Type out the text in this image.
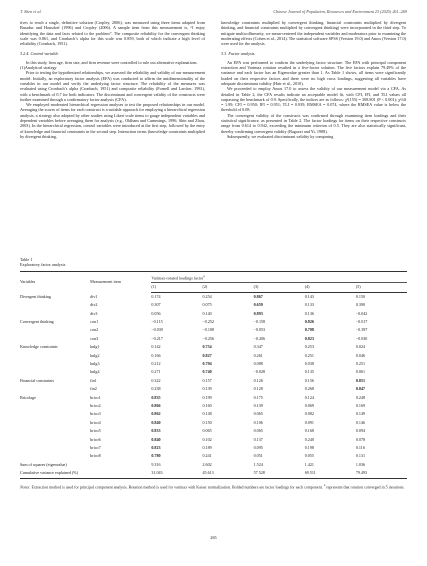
T. Shen et al.	Chinese Journal of Population, Resources and Environment 23 (2025) 261–269

tives to reach a single, definitive solution (Cropley, 2006), was measured using three items adapted from Basadur and Hausdorf (1996) and Cropley (2006). A sample item from this measurement is, “I enjoy identifying the data and facts related to the problem”. The composite reliability for the convergent thinking scale was 0.861, and Cronbach’s alpha for this scale was 0.859, both of which indicate a high level of reliability (Cronbach, 1951).

3.2.4. Control variable

In this study, firm age, firm size, and firm revenue were controlled to rule out alternative explanations.

(1)Analytical strategy

Prior to testing the hypothesized relationships, we assessed the reliability and validity of our measurement model. Initially, an exploratory factor analysis (EFA) was conducted to affirm the unidimensionality of the variables in our model and verify the underlying factor structure. The reliability of the measures was evaluated using Cronbach’s alpha (Cronbach, 1951) and composite reliability (Fornell and Larcker, 1981), with a benchmark of 0.7 for both indicators. The discriminant and convergent validity of the constructs were further examined through a confirmatory factor analysis (CFA).

We employed moderated hierarchical regression analyses to test the proposed relationships in our model. Averaging the scores of items for each construct is a suitable approach for employing a hierarchical regression analysis, a strategy also adopted by other studies using Likert scale items to gauge independent variables and dependent variables before averaging them for analysis (e.g., Oldham and Cummings, 1996; Shin and Zhou, 2003). In the hierarchical regression, control variables were introduced at the first step, followed by the entry of knowledge and financial constraints in the second step. Interaction terms (knowledge constraints multiplied by divergent thinking,

knowledge constraints multiplied by convergent thinking, financial constraints multiplied by divergent thinking, and financial constraints multiplied by convergent thinking) were incorporated in the third step. To mitigate multicollinearity, we mean-centered the independent variables and moderators prior to examining the moderating effects (Cohen et al., 2014). The statistical software SPSS (Version 19.0) and Amos (Version 17.0) were used for the analysis.

3.3. Factor analysis

An EFA was performed to confirm the underlying factor structure. The EFA with principal component extraction and Varimax rotation resulted in a five-factor solution. The five factors explain 79.49% of the variance and each factor has an Eigenvalue greater than 1. As Table 1 shows, all items were significantly loaded on their respective factors and there were no high cross loadings, suggesting all variables have adequate discriminant validity (Hair et al., 2010).

We proceeded to employ Amos 17.0 to assess the validity of our measurement model via a CFA. As detailed in Table 2, the CFA results indicate an acceptable model fit, with CFI, IFI, and TLI values all surpassing the benchmark of 0.9. Specifically, the indices are as follows: χ²(155) = 308.801 (P < 0.001); χ²/df = 1.99; CFI = 0.950; IFI = 0.951; TLI = 0.939; RMSEA = 0.074, where the RMSEA value is below the threshold of 0.08.

The convergent validity of the constructs was confirmed through examining item loadings and their statistical significance, as presented in Table 2. The factor loadings for items on their respective constructs range from 0.614 to 0.942, exceeding the minimum criterion of 0.5. They are also statistically significant, thereby confirming convergent validity (Bagozzi and Yi, 1988).

Subsequently, we evaluated discriminant validity by comparing

Table 1
Exploratory factor analysis
Variables	Measurement item	Varimax-rotated loadings factor$^a$
		(1)	(2)	(3)	(4)	(5)
Divergent thinking	div1	0.174	0.254	0.867	0.143	0.150
	div2	0.307	0.075	0.659	0.133	0.390
	div3	0.056	0.140	0.893	0.136	−0.042
Convergent thinking	con1	−0.115	−0.252	−0.158	0.826	−0.017
	con2	−0.039	−0.108	−0.053	0.708	−0.397
	con3	−0.217	−0.256	−0.206	0.823	−0.030
Knowledge constraints	knlg1	0.142	0.754	0.347	0.253	0.024
	knlg2	0.166	0.827	0.261	0.251	0.046
	knlg3	0.212	0.794	0.088	0.038	0.251
	knlg4	0.271	0.740	−0.028	0.135	0.061
Financial constraints	fin1	0.322	0.157	0.126	0.156	0.851
	fin2	0.238	0.139	0.128	0.268	0.847
Bricolage	brico1	0.835	0.199	0.175	0.124	0.248
	brico2	0.866	0.160	0.139	0.069	0.169
	brico3	0.862	0.148	0.065	0.082	0.149
	brico4	0.840	0.150	0.106	0.091	0.146
	brico5	0.833	0.065	0.065	0.168	0.094
	brico6	0.840	0.102	0.137	0.240	0.078
	brico7	0.823	0.189	0.095	0.198	0.116
	brico8	0.780	0.241	0.051	0.055	0.131
Sum of squares (eigenvalue)		9.316	2.602	1.524	1.421	1.036
Cumulative variance explained (%)		31.043	45.613	57.528	69.511	79.493
Notes: Extraction method is used for principal component analysis. Rotation method is used for varimax with Kaiser normalization. Bolded numbers are factor loadings for each component. $^a$ represents that rotation converged in 5 iterations.
265
